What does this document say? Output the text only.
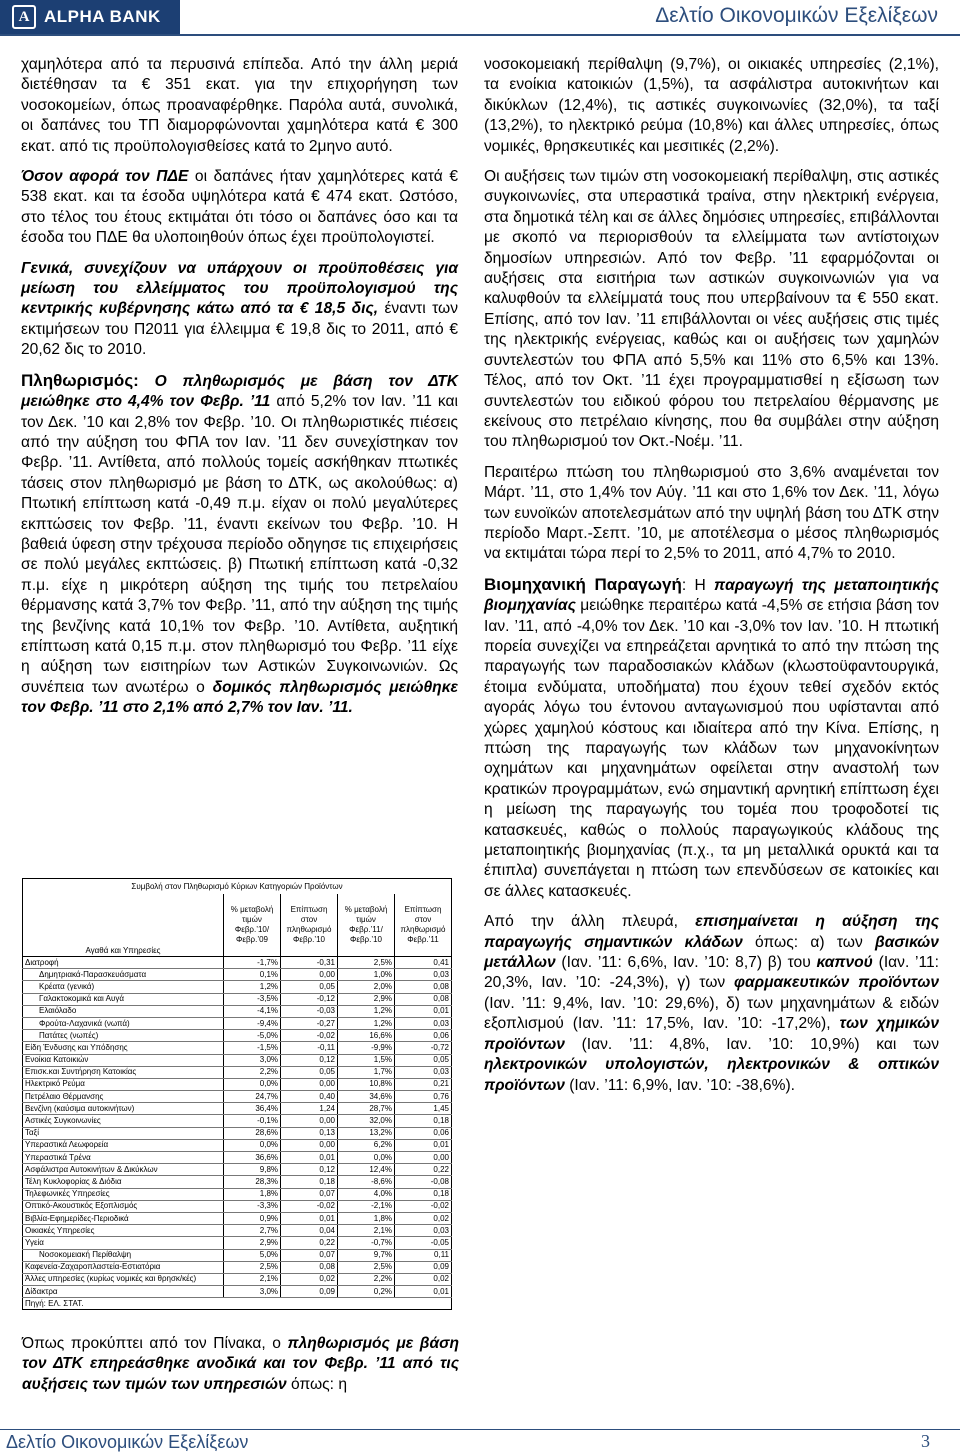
A ALPHA BANK	Δελτίο Οικονομικών Εξελίξεων

χαμηλότερα από τα περυσινά επίπεδα. Από την άλλη μεριά διετέθησαν τα € 351 εκατ. για την επιχορήγηση των νοσοκομείων, όπως προαναφέρθηκε. Παρόλα αυτά, συνολικά, οι δαπάνες του ΤΠ διαμορφώνονται χαμηλότερα κατά € 300 εκατ. από τις προϋπολογισθείσες κατά το 2μηνο αυτό.

Όσον αφορά τον ΠΔΕ οι δαπάνες ήταν χαμηλότερες κατά € 538 εκατ. και τα έσοδα υψηλότερα κατά € 474 εκατ. Ωστόσο, στο τέλος του έτους εκτιμάται ότι τόσο οι δαπάνες όσο και τα έσοδα του ΠΔΕ θα υλοποιηθούν όπως έχει προϋπολογιστεί.

Γενικά, συνεχίζουν να υπάρχουν οι προϋποθέσεις για μείωση του ελλείμματος του προϋπολογισμού της κεντρικής κυβέρνησης κάτω από τα € 18,5 δις, έναντι των εκτιμήσεων του Π2011 για έλλειμμα € 19,8 δις το 2011, από € 20,62 δις το 2010.

Πληθωρισμός: Ο πληθωρισμός με βάση τον ΔΤΚ μειώθηκε στο 4,4% τον Φεβρ. ’11 από 5,2% τον Ιαν. ’11 και τον Δεκ. ’10 και 2,8% τον Φεβρ. ’10. Οι πληθωριστικές πιέσεις από την αύξηση του ΦΠΑ τον Ιαν. ’11 δεν συνεχίστηκαν τον Φεβρ. ’11. Αντίθετα, από πολλούς τομείς ασκήθηκαν πτωτικές τάσεις στον πληθωρισμό με βάση το ΔΤΚ, ως ακολούθως: α) Πτωτική επίπτωση κατά -0,49 π.μ. είχαν οι πολύ μεγαλύτερες εκπτώσεις τον Φεβρ. ’11, έναντι εκείνων του Φεβρ. ’10. Η βαθειά ύφεση στην τρέχουσα περίοδο οδηγησε τις επιχειρήσεις σε πολύ μεγάλες εκπτώσεις. β) Πτωτική επίπτωση κατά -0,32 π.μ. είχε η μικρότερη αύξηση της τιμής του πετρελαίου θέρμανσης κατά 3,7% τον Φεβρ. ’11, από την αύξηση της τιμής της βενζίνης κατά 10,1% τον Φεβρ. ’10. Αντίθετα, αυξητική επίπτωση κατά 0,15 π.μ. στον πληθωρισμό του Φεβρ. ’11 είχε η αύξηση των εισιτηρίων των Αστικών Συγκοινωνιών. Ως συνέπεια των ανωτέρω ο δομικός πληθωρισμός μειώθηκε τον Φεβρ. ’11 στο 2,1% από 2,7% τον Ιαν. ’11.

Συμβολή στον Πληθωρισμό Κύριων Κατηγοριών Προϊόντων				
Αγαθά και Υπηρεσίες	% μεταβολή τιμών Φεβρ.’10/ Φεβρ.’09	Επίπτωση στον πληθωρισμό Φεβρ.’10	% μεταβολή τιμών Φεβρ.’11/ Φεβρ.’10	Επίπτωση στον πληθωρισμό Φεβρ.’11
Διατροφή	-1,7%	-0,31	2,5%	0,41
Δημητριακά-Παρασκευάσματα	0,1%	0,00	1,0%	0,03
Κρέατα (γενικά)	1,2%	0,05	2,0%	0,08
Γαλακτοκομικά και Αυγά	-3,5%	-0,12	2,9%	0,08
Ελαιόλαδο	-4,1%	-0,03	1,2%	0,01
Φρούτα-Λαχανικά (νωπά)	-9,4%	-0,27	1,2%	0,03
Πατάτες (νωπές)	-5,0%	-0,02	16,6%	0,06
Είδη Ένδυσης και Υπόδησης	-1,5%	-0,11	-9,9%	-0,72
Ενοίκια Κατοικιών	3,0%	0,12	1,5%	0,05
Επισκ.και Συντήρηση Κατοικίας	2,2%	0,05	1,7%	0,03
Ηλεκτρικό Ρεύμα	0,0%	0,00	10,8%	0,21
Πετρέλαιο Θέρμανσης	24,7%	0,40	34,6%	0,76
Βενζίνη (καύσιμα αυτοκινήτων)	36,4%	1,24	28,7%	1,45
Αστικές Συγκοινωνίες	-0,1%	0,00	32,0%	0,18
Ταξί	28,6%	0,13	13,2%	0,06
Υπεραστικά Λεωφορεία	0,0%	0,00	6,2%	0,01
Υπεραστικά Τρένα	36,6%	0,01	0,0%	0,00
Ασφάλιστρα Αυτοκινήτων & Δικύκλων	9,8%	0,12	12,4%	0,22
Τέλη Κυκλοφορίας & Διόδια	28,3%	0,18	-8,6%	-0,08
Τηλεφωνικές Υπηρεσίες	1,8%	0,07	4,0%	0,18
Οπτικό-Ακουστικός Εξοπλισμός	-3,3%	-0,02	-2,1%	-0,02
Βιβλία-Εφημερίδες-Περιοδικά	0,9%	0,01	1,8%	0,02
Οικιακές Υπηρεσίες	2,7%	0,04	2,1%	0,03
Υγεία	2,9%	0,22	-0,7%	-0,05
Νοσοκομειακή Περίθαλψη	5,0%	0,07	9,7%	0,11
Καφενεία-Ζαχαροπλαστεία-Εστιατόρια	2,5%	0,08	2,5%	0,09
Άλλες υπηρεσίες (κυρίως νομικές και θρησκ/κές)	2,1%	0,02	2,2%	0,02
Δίδακτρα	3,0%	0,09	0,2%	0,01
Πηγή: ΕΛ. ΣΤΑΤ.				
Όπως προκύπτει από τον Πίνακα, ο πληθωρισμός με βάση τον ΔΤΚ επηρεάσθηκε ανοδικά και τον Φεβρ. ’11 από τις αυξήσεις των τιμών των υπηρεσιών όπως: η

νοσοκομειακή περίθαλψη (9,7%), οι οικιακές υπηρεσίες (2,1%), τα ενοίκια κατοικιών (1,5%), τα ασφάλιστρα αυτοκινήτων και δικύκλων (12,4%), τις αστικές συγκοινωνίες (32,0%), τα ταξί (13,2%), το ηλεκτρικό ρεύμα (10,8%) και άλλες υπηρεσίες, όπως νομικές, θρησκευτικές και μεσιτικές (2,2%).

Οι αυξήσεις των τιμών στη νοσοκομειακή περίθαλψη, στις αστικές συγκοινωνίες, στα υπεραστικά τραίνα, στην ηλεκτρική ενέργεια, στα δημοτικά τέλη και σε άλλες δημόσιες υπηρεσίες, επιβάλλονται με σκοπό να περιορισθούν τα ελλείμματα των αντίστοιχων δημοσίων υπηρεσιών. Από τον Φεβρ. ’11 εφαρμόζονται οι αυξήσεις στα εισιτήρια των αστικών συγκοινωνιών για να καλυφθούν τα ελλείμματά τους που υπερβαίνουν τα € 550 εκατ. Επίσης, από τον Ιαν. ’11 επιβάλλονται οι νέες αυξήσεις στις τιμές της ηλεκτρικής ενέργειας, καθώς και οι αυξήσεις των χαμηλών συντελεστών του ΦΠΑ από 5,5% και 11% στο 6,5% και 13%. Τέλος, από τον Οκτ. ’11 έχει προγραμματισθεί η εξίσωση των συντελεστών του ειδικού φόρου του πετρελαίου θέρμανσης με εκείνους στο πετρέλαιο κίνησης, που θα συμβάλει στην αύξηση του πληθωρισμού τον Οκτ.-Νοέμ. ’11.

Περαιτέρω πτώση του πληθωρισμού στο 3,6% αναμένεται τον Μάρτ. ’11, στο 1,4% τον Αύγ. ’11 και στο 1,6% τον Δεκ. ’11, λόγω των ευνοϊκών αποτελεσμάτων από την υψηλή βάση του ΔΤΚ στην περίοδο Μαρτ.-Σεπτ. ’10, με αποτέλεσμα ο μέσος πληθωρισμός να εκτιμάται τώρα περί το 2,5% το 2011, από 4,7% το 2010.

Βιομηχανική Παραγωγή: Η παραγωγή της μεταποιητικής βιομηχανίας μειώθηκε περαιτέρω κατά -4,5% σε ετήσια βάση τον Ιαν. ’11, από -4,0% τον Δεκ. ’10 και -3,0% τον Ιαν. ’10. Η πτωτική πορεία συνεχίζει να επηρεάζεται αρνητικά το από την πτώση της παραγωγής των παραδοσιακών κλάδων (κλωστοϋφαντουργικά, έτοιμα ενδύματα, υποδήματα) που έχουν τεθεί σχεδόν εκτός αγοράς λόγω του έντονου ανταγωνισμού που υφίστανται από χώρες χαμηλού κόστους και ιδιαίτερα από την Κίνα. Επίσης, η πτώση της παραγωγής των κλάδων των μηχανοκίνητων οχημάτων και μηχανημάτων οφείλεται στην αναστολή των κρατικών προγραμμάτων, ενώ σημαντική αρνητική επίπτωση έχει η μείωση της παραγωγής του τομέα που τροφοδοτεί τις κατασκευές, καθώς ο πολλούς παραγωγικούς κλάδους της μεταποιητικής βιομηχανίας (π.χ., τα μη μεταλλικά ορυκτά και τα έπιπλα) συνεπάγεται η πτώση των επενδύσεων σε κατοικίες και σε άλλες κατασκευές.

Από την άλλη πλευρά, επισημαίνεται η αύξηση της παραγωγής σημαντικών κλάδων όπως: α) των βασικών μετάλλων (Ιαν. ’11: 6,6%, Ιαν. ’10: 8,7) β) του καπνού (Ιαν. ’11: 20,3%, Ιαν. ’10: -24,3%), γ) των φαρμακευτικών προϊόντων (Ιαν. ’11: 9,4%, Ιαν. ’10: 29,6%), δ) των μηχανημάτων & ειδών εξοπλισμού (Ιαν. ’11: 17,5%, Ιαν. ’10: -17,2%), των χημικών προϊόντων (Ιαν. ’11: 4,8%, Ιαν. ’10: 10,9%) και των ηλεκτρονικών υπολογιστών, ηλεκτρονικών & οπτικών προϊόντων (Ιαν. ’11: 6,9%, Ιαν. ’10: -38,6%).

Δελτίο Οικονομικών Εξελίξεων	3
